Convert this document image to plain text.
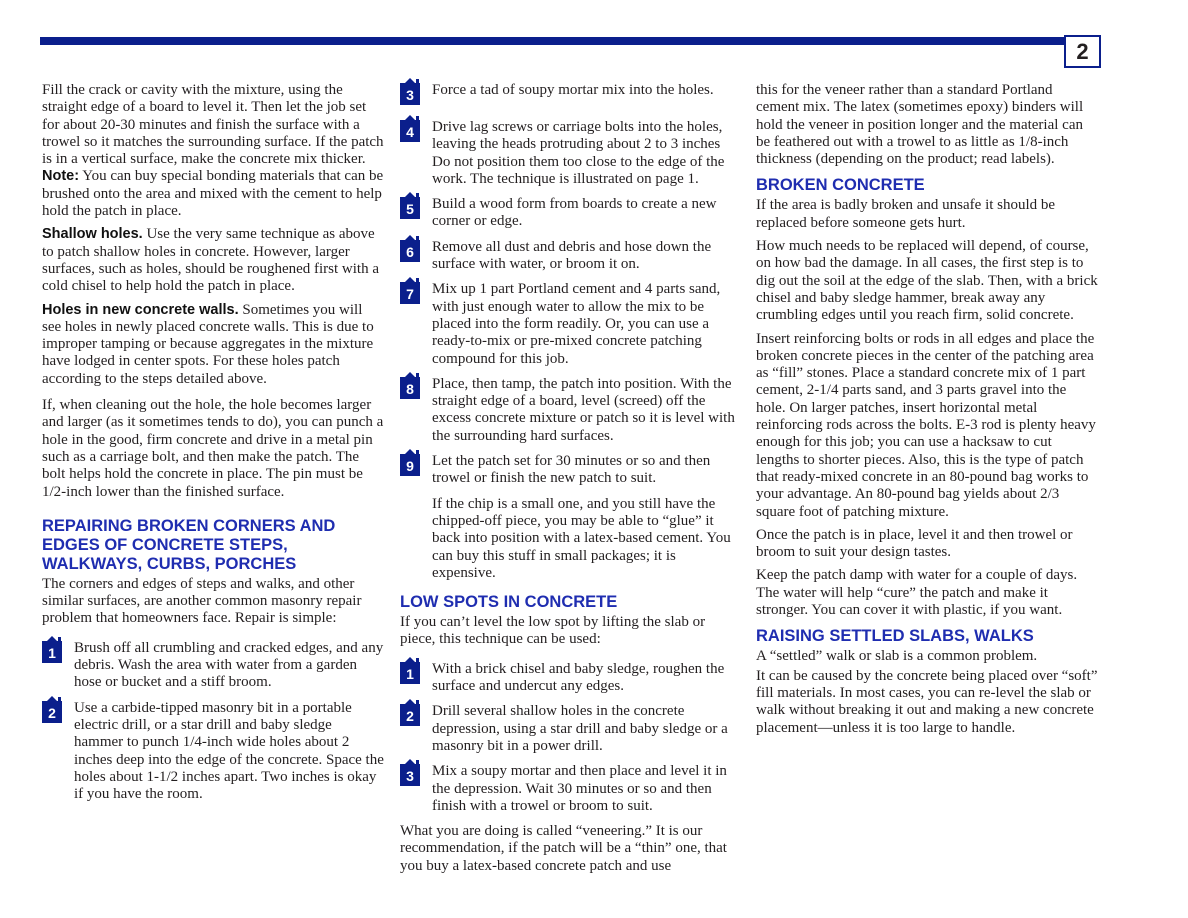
2

Fill the crack or cavity with the mixture, using the straight edge of a board to level it. Then let the job set for about 20-30 minutes and finish the surface with a trowel so it matches the surrounding surface. If the patch is in a vertical surface, make the concrete mix thicker. Note: You can buy special bonding materials that can be brushed onto the area and mixed with the cement to help hold the patch in place.

Shallow holes. Use the very same technique as above to patch shallow holes in concrete. However, larger surfaces, such as holes, should be roughened first with a cold chisel to help hold the patch in place.

Holes in new concrete walls. Sometimes you will see holes in newly placed concrete walls. This is due to improper tamping or because aggregates in the mixture have lodged in center spots. For these holes patch according to the steps detailed above.

If, when cleaning out the hole, the hole becomes larger and larger (as it sometimes tends to do), you can punch a hole in the good, firm concrete and drive in a metal pin such as a carriage bolt, and then make the patch. The bolt helps hold the concrete in place. The pin must be 1/2-inch lower than the finished surface.

REPAIRING BROKEN CORNERS AND EDGES OF CONCRETE STEPS, WALKWAYS, CURBS, PORCHES

The corners and edges of steps and walks, and other similar surfaces, are another common masonry repair problem that homeowners face. Repair is simple:

1	Brush off all crumbling and cracked edges, and any debris. Wash the area with water from a garden hose or bucket and a stiff broom.
2	Use a carbide-tipped masonry bit in a portable electric drill, or a star drill and baby sledge hammer to punch 1/4-inch wide holes about 2 inches deep into the edge of the concrete. Space the holes about 1-1/2 inches apart. Two inches is okay if you have the room.
3	Force a tad of soupy mortar mix into the holes.
4	Drive lag screws or carriage bolts into the holes, leaving the heads protruding about 2 to 3 inches Do not position them too close to the edge of the work. The technique is illustrated on page 1.
5	Build a wood form from boards to create a new corner or edge.
6	Remove all dust and debris and hose down the surface with water, or broom it on.
7	Mix up 1 part Portland cement and 4 parts sand, with just enough water to allow the mix to be placed into the form readily. Or, you can use a ready-to-mix or pre-mixed concrete patching compound for this job.
8	Place, then tamp, the patch into position. With the straight edge of a board, level (screed) off the excess concrete mixture or patch so it is level with the surrounding hard surfaces.
9	Let the patch set for 30 minutes or so and then trowel or finish the new patch to suit.

If the chip is a small one, and you still have the chipped-off piece, you may be able to “glue” it back into position with a latex-based cement. You can buy this stuff in small packages; it is expensive.

LOW SPOTS IN CONCRETE

If you can’t level the low spot by lifting the slab or piece, this technique can be used:

1	With a brick chisel and baby sledge, roughen the surface and undercut any edges.
2	Drill several shallow holes in the concrete depression, using a star drill and baby sledge or a masonry bit in a power drill.
3	Mix a soupy mortar and then place and level it in the depression. Wait 30 minutes or so and then finish with a trowel or broom to suit.

What you are doing is called “veneering.” It is our recommendation, if the patch will be a “thin” one, that you buy a latex-based concrete patch and use

this for the veneer rather than a standard Portland cement mix. The latex (sometimes epoxy) binders will hold the veneer in position longer and the material can be feathered out with a trowel to as little as 1/8-inch thickness (depending on the product; read labels).

BROKEN CONCRETE

If the area is badly broken and unsafe it should be replaced before someone gets hurt.

How much needs to be replaced will depend, of course, on how bad the damage. In all cases, the first step is to dig out the soil at the edge of the slab. Then, with a brick chisel and baby sledge hammer, break away any crumbling edges until you reach firm, solid concrete.

Insert reinforcing bolts or rods in all edges and place the broken concrete pieces in the center of the patching area as “fill” stones. Place a standard concrete mix of 1 part cement, 2-1/4 parts sand, and 3 parts gravel into the hole. On larger patches, insert horizontal metal reinforcing rods across the bolts. E-3 rod is plenty heavy enough for this job; you can use a hacksaw to cut lengths to shorter pieces. Also, this is the type of patch that ready-mixed concrete in an 80-pound bag works to your advantage. An 80-pound bag yields about 2/3 square foot of patching mixture.

Once the patch is in place, level it and then trowel or broom to suit your design tastes.

Keep the patch damp with water for a couple of days. The water will help “cure” the patch and make it stronger. You can cover it with plastic, if you want.

RAISING SETTLED SLABS, WALKS

A “settled” walk or slab is a common problem.

It can be caused by the concrete being placed over “soft” fill materials. In most cases, you can re-level the slab or walk without breaking it out and making a new concrete placement—unless it is too large to handle.
